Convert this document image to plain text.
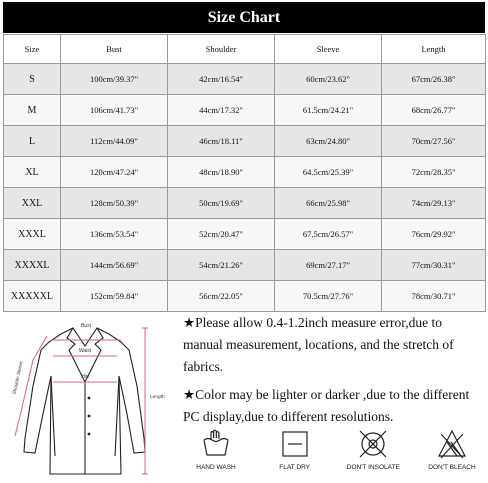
Size Chart
Size	Bust	Shoulder	Sleeve	Length
S	100cm/39.37"	42cm/16.54"	60cm/23.62"	67cm/26.38"
M	106cm/41.73"	44cm/17.32"	61.5cm/24.21"	68cm/26.77"
L	112cm/44.09"	46cm/18.11"	63cm/24.80"	70cm/27.56"
XL	120cm/47.24"	48cm/18.90"	64.5cm/25.39"	72cm/28.35"
XXL	128cm/50.39"	50cm/19.69"	66cm/25.98"	74cm/29.13"
XXXL	136cm/53.54"	52cm/20.47"	67.5cm/26.57"	76cm/29.92"
XXXXL	144cm/56.69"	54cm/21.26"	69cm/27.17"	77cm/30.31"
XXXXXL	152cm/59.84"	56cm/22.05"	70.5cm/27.76"	78cm/30.71"
Bust
Waist
Hip
Shoulder Sleeve
Length

★Please allow 0.4-1.2inch measure error,due to manual measurement, locations, and the stretch of fabrics.

★Color may be lighter or darker ,due to the different PC display,due to different resolutions.

HAND WASH	FLAT DRY	DON'T INSOLATE	DON'T BLEACH
